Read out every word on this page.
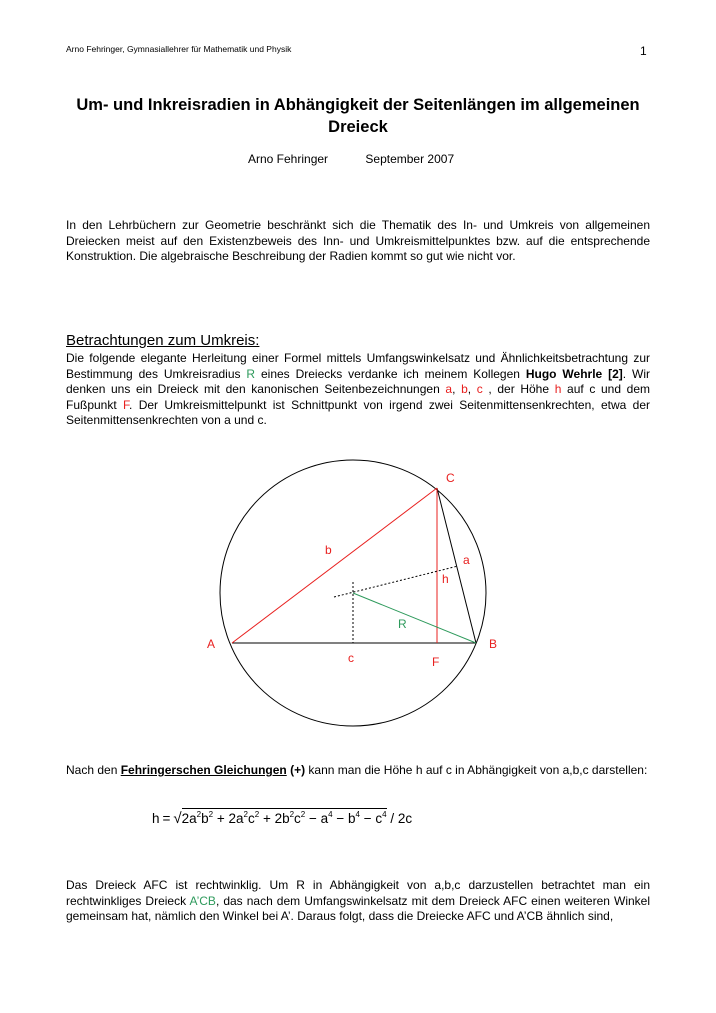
Arno Fehringer, Gymnasiallehrer für Mathematik und Physik	1
Um- und Inkreisradien in Abhängigkeit der Seitenlängen im allgemeinen Dreieck
Arno Fehringer	September 2007

In den Lehrbüchern zur Geometrie beschränkt sich die Thematik des In- und Umkreis von allgemeinen Dreiecken meist auf den Existenzbeweis des Inn- und Umkreismittelpunktes bzw. auf die entsprechende Konstruktion. Die algebraische Beschreibung der Radien kommt so gut wie nicht vor.

Betrachtungen zum Umkreis:

Die folgende elegante Herleitung einer Formel mittels Umfangswinkelsatz und Ähnlichkeitsbetrachtung zur Bestimmung des Umkreisradius R eines Dreiecks verdanke ich meinem Kollegen Hugo Wehrle [2]. Wir denken uns ein Dreieck mit den kanonischen Seitenbezeichnungen a, b, c , der Höhe h auf c und dem Fußpunkt F. Der Umkreismittelpunkt ist Schnittpunkt von irgend zwei Seitenmittensenkrechten, etwa der Seitenmittensenkrechten von a und c.

A	B
C
a
b
c
h
R
F

Nach den Fehringerschen Gleichungen (+) kann man die Höhe h auf c in Abhängigkeit von a,b,c darstellen:

$h = √2a^2b^2 + 2a^2c^2 + 2b^2c^2 - a^4 - b^4 - c^4 / 2c$

Das Dreieck AFC ist rechtwinklig. Um R in Abhängigkeit von a,b,c darzustellen betrachtet man ein rechtwinkliges Dreieck A’CB, das nach dem Umfangswinkelsatz mit dem Dreieck AFC einen weiteren Winkel gemeinsam hat, nämlich den Winkel bei A’. Daraus folgt, dass die Dreiecke AFC und A’CB ähnlich sind,
